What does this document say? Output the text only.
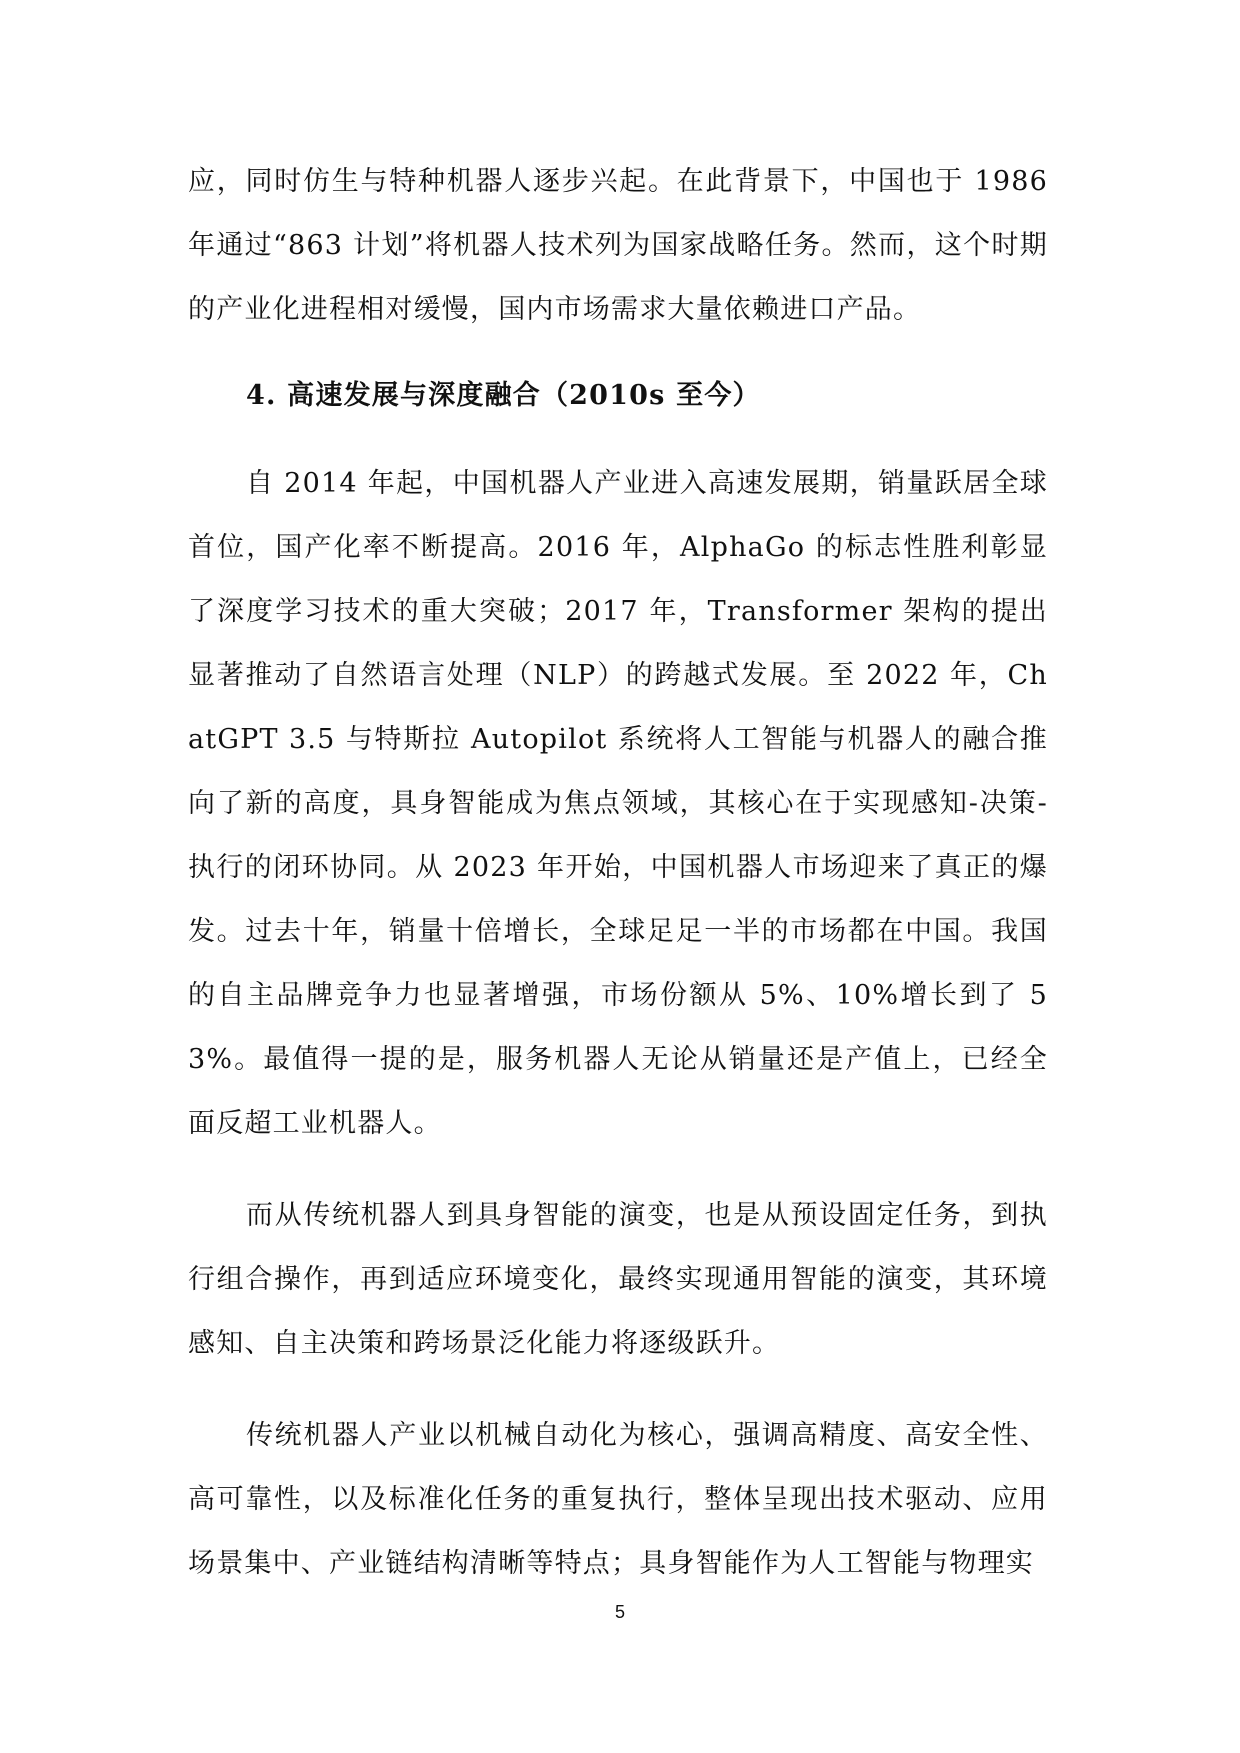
应，同时仿生与特种机器人逐步兴起。在此背景下，中国也于 1986 年通过“863 计划”将机器人技术列为国家战略任务。然而，这个时期的产业化进程相对缓慢，国内市场需求大量依赖进口产品。

4. 高速发展与深度融合（2010s 至今）

自 2014 年起，中国机器人产业进入高速发展期，销量跃居全球首位，国产化率不断提高。2016 年，AlphaGo 的标志性胜利彰显了深度学习技术的重大突破；2017 年，Transformer 架构的提出显著推动了自然语言处理（NLP）的跨越式发展。至 2022 年，ChatGPT 3.5 与特斯拉 Autopilot 系统将人工智能与机器人的融合推向了新的高度，具身智能成为焦点领域，其核心在于实现感知-决策-执行的闭环协同。从 2023 年开始，中国机器人市场迎来了真正的爆发。过去十年，销量十倍增长，全球足足一半的市场都在中国。我国的自主品牌竞争力也显著增强，市场份额从 5%、10%增长到了 53%。最值得一提的是，服务机器人无论从销量还是产值上，已经全面反超工业机器人。

而从传统机器人到具身智能的演变，也是从预设固定任务，到执行组合操作，再到适应环境变化，最终实现通用智能的演变，其环境感知、自主决策和跨场景泛化能力将逐级跃升。

传统机器人产业以机械自动化为核心，强调高精度、高安全性、高可靠性，以及标准化任务的重复执行，整体呈现出技术驱动、应用场景集中、产业链结构清晰等特点；具身智能作为人工智能与物理实

5
